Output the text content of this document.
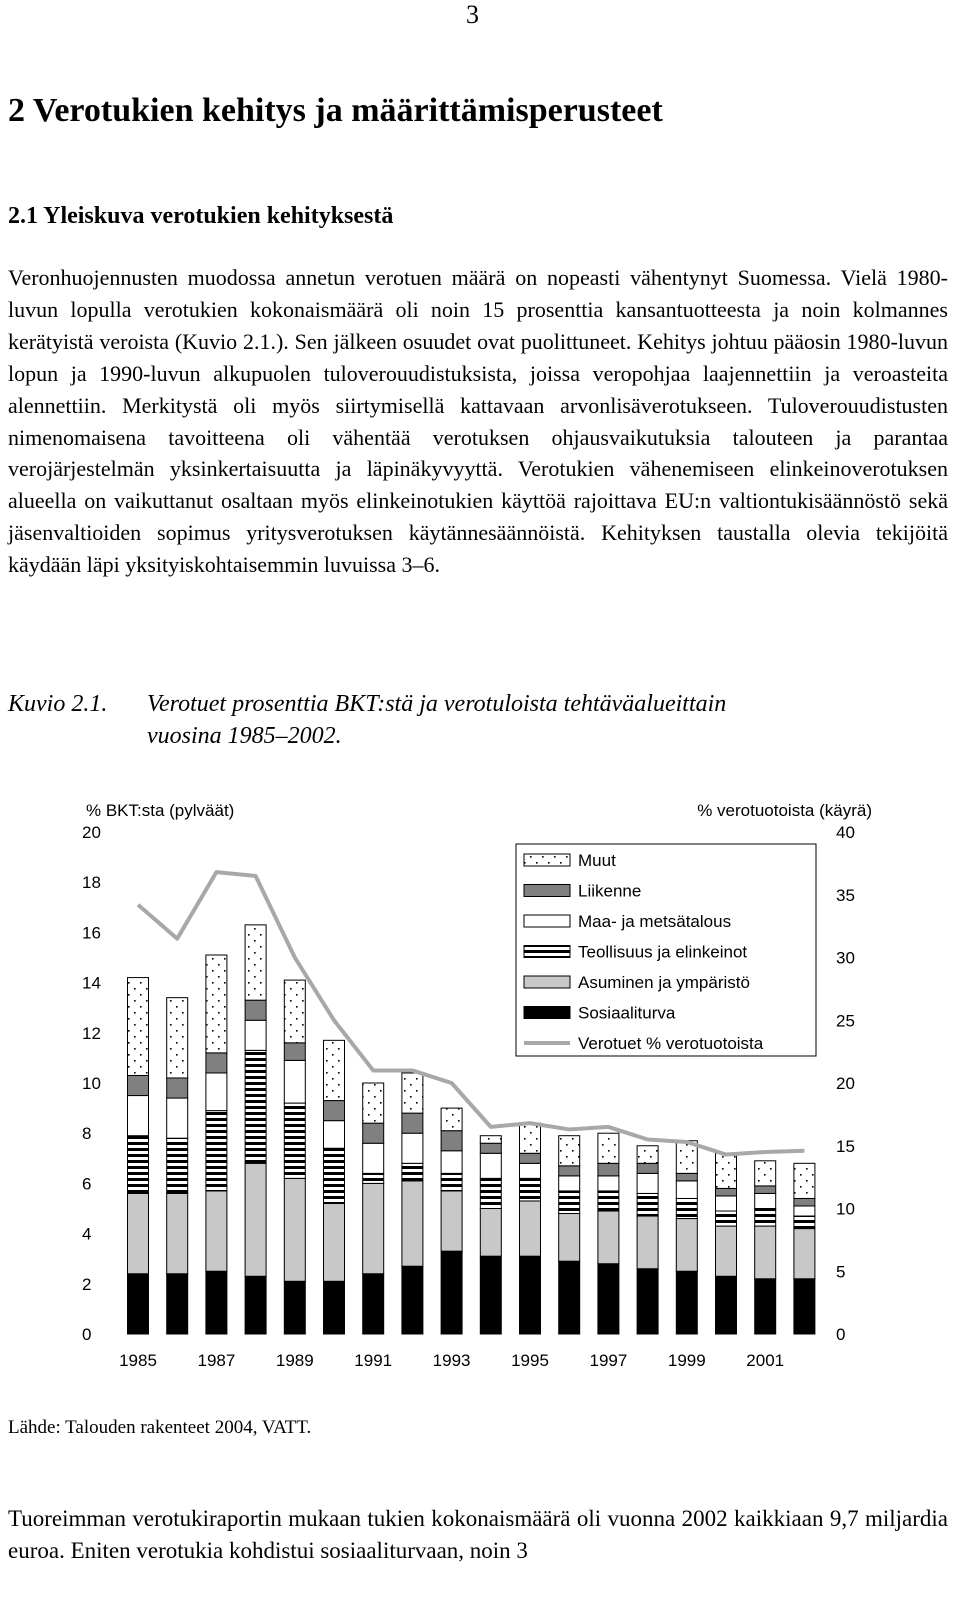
3
2 Verotukien kehitys ja määrittämisperusteet
2.1 Yleiskuva verotukien kehityksestä

Veronhuojennusten muodossa annetun verotuen määrä on nopeasti vähentynyt Suomessa. Vielä 1980-luvun lopulla verotukien kokonaismäärä oli noin 15 prosenttia kansantuotteesta ja noin kolmannes kerätyistä veroista (Kuvio 2.1.). Sen jälkeen osuudet ovat puolittuneet. Kehitys johtuu pääosin 1980-luvun lopun ja 1990-luvun alkupuolen tuloverouudistuksista, joissa veropohjaa laajennettiin ja veroasteita alennettiin. Merkitystä oli myös siirtymisellä kattavaan arvonlisäverotukseen. Tuloverouudistusten nimenomaisena tavoitteena oli vähentää verotuksen ohjausvaikutuksia talouteen ja parantaa verojärjestelmän yksinkertaisuutta ja läpinäkyvyyttä. Verotukien vähenemiseen elinkeinoverotuksen alueella on vaikuttanut osaltaan myös elinkeinotukien käyttöä rajoittava EU:n valtiontukisäännöstö sekä jäsenvaltioiden sopimus yritysverotuksen käytännesäännöistä. Kehityksen taustalla olevia tekijöitä käydään läpi yksityiskohtaisemmin luvuissa 3–6.

Kuvio 2.1. Verotuet prosenttia BKT:stä ja verotuloista tehtäväalueittain
vuosina 1985–2002.
% BKT:sta (pylväät)	% verotuotoista (käyrä)
0
2
4
6
8
10
12
14
16
18
20
0
5
10
15
20
25
30
35
40
1985 1987 1989 1991 1993 1995 1997 1999 2001
Muut
Liikenne
Maa- ja metsätalous
Teollisuus ja elinkeinot
Asuminen ja ympäristö
Sosiaaliturva
Verotuet % verotuotoista
Lähde: Talouden rakenteet 2004, VATT.

Tuoreimman verotukiraportin mukaan tukien kokonaismäärä oli vuonna 2002 kaikkiaan 9,7 miljardia euroa. Eniten verotukia kohdistui sosiaaliturvaan, noin 3
